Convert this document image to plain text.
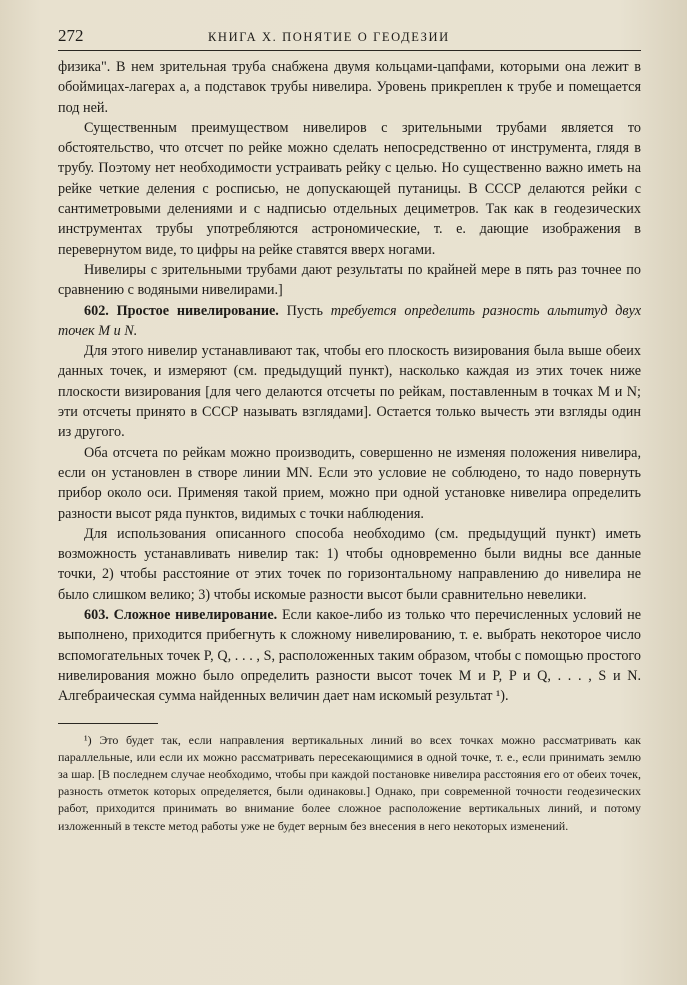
272	КНИГА X. ПОНЯТИЕ О ГЕОДЕЗИИ

физика". В нем зрительная труба снабжена двумя кольцами-цапфами, которыми она лежит в обоймицах-лагерах a, a подставок трубы нивелира. Уровень прикреплен к трубе и помещается под ней.

Существенным преимуществом нивелиров с зрительными трубами является то обстоятельство, что отсчет по рейке можно сделать непосредственно от инструмента, глядя в трубу. Поэтому нет необходимости устраивать рейку с целью. Но существенно важно иметь на рейке четкие деления с росписью, не допускающей путаницы. В СССР делаются рейки с сантиметровыми делениями и с надписью отдельных дециметров. Так как в геодезических инструментах трубы употребляются астрономические, т. е. дающие изображения в перевернутом виде, то цифры на рейке ставятся вверх ногами.

Нивелиры с зрительными трубами дают результаты по крайней мере в пять раз точнее по сравнению с водяными нивелирами.]

602. Простое нивелирование. Пусть требуется определить разность альтитуд двух точек M и N.

Для этого нивелир устанавливают так, чтобы его плоскость визирования была выше обеих данных точек, и измеряют (см. предыдущий пункт), насколько каждая из этих точек ниже плоскости визирования [для чего делаются отсчеты по рейкам, поставленным в точках M и N; эти отсчеты принято в СССР называть взглядами]. Остается только вычесть эти взгляды один из другого.

Оба отсчета по рейкам можно производить, совершенно не изменяя положения нивелира, если он установлен в створе линии MN. Если это условие не соблюдено, то надо повернуть прибор около оси. Применяя такой прием, можно при одной установке нивелира определить разности высот ряда пунктов, видимых с точки наблюдения.

Для использования описанного способа необходимо (см. предыдущий пункт) иметь возможность устанавливать нивелир так: 1) чтобы одновременно были видны все данные точки, 2) чтобы расстояние от этих точек по горизонтальному направлению до нивелира не было слишком велико; 3) чтобы искомые разности высот были сравнительно невелики.

603. Сложное нивелирование. Если какое-либо из только что перечисленных условий не выполнено, приходится прибегнуть к сложному нивелированию, т. е. выбрать некоторое число вспомогательных точек P, Q, . . . , S, расположенных таким образом, чтобы с помощью простого нивелирования можно было определить разности высот точек M и P, P и Q, . . . , S и N. Алгебраическая сумма найденных величин дает нам искомый результат ¹).

¹) Это будет так, если направления вертикальных линий во всех точках можно рассматривать как параллельные, или если их можно рассматривать пересекающимися в одной точке, т. е., если принимать землю за шар. [В последнем случае необходимо, чтобы при каждой постановке нивелира расстояния его от обеих точек, разность отметок которых определяется, были одинаковы.] Однако, при современной точности геодезических работ, приходится принимать во внимание более сложное расположение вертикальных линий, и потому изложенный в тексте метод работы уже не будет верным без внесения в него некоторых изменений.
